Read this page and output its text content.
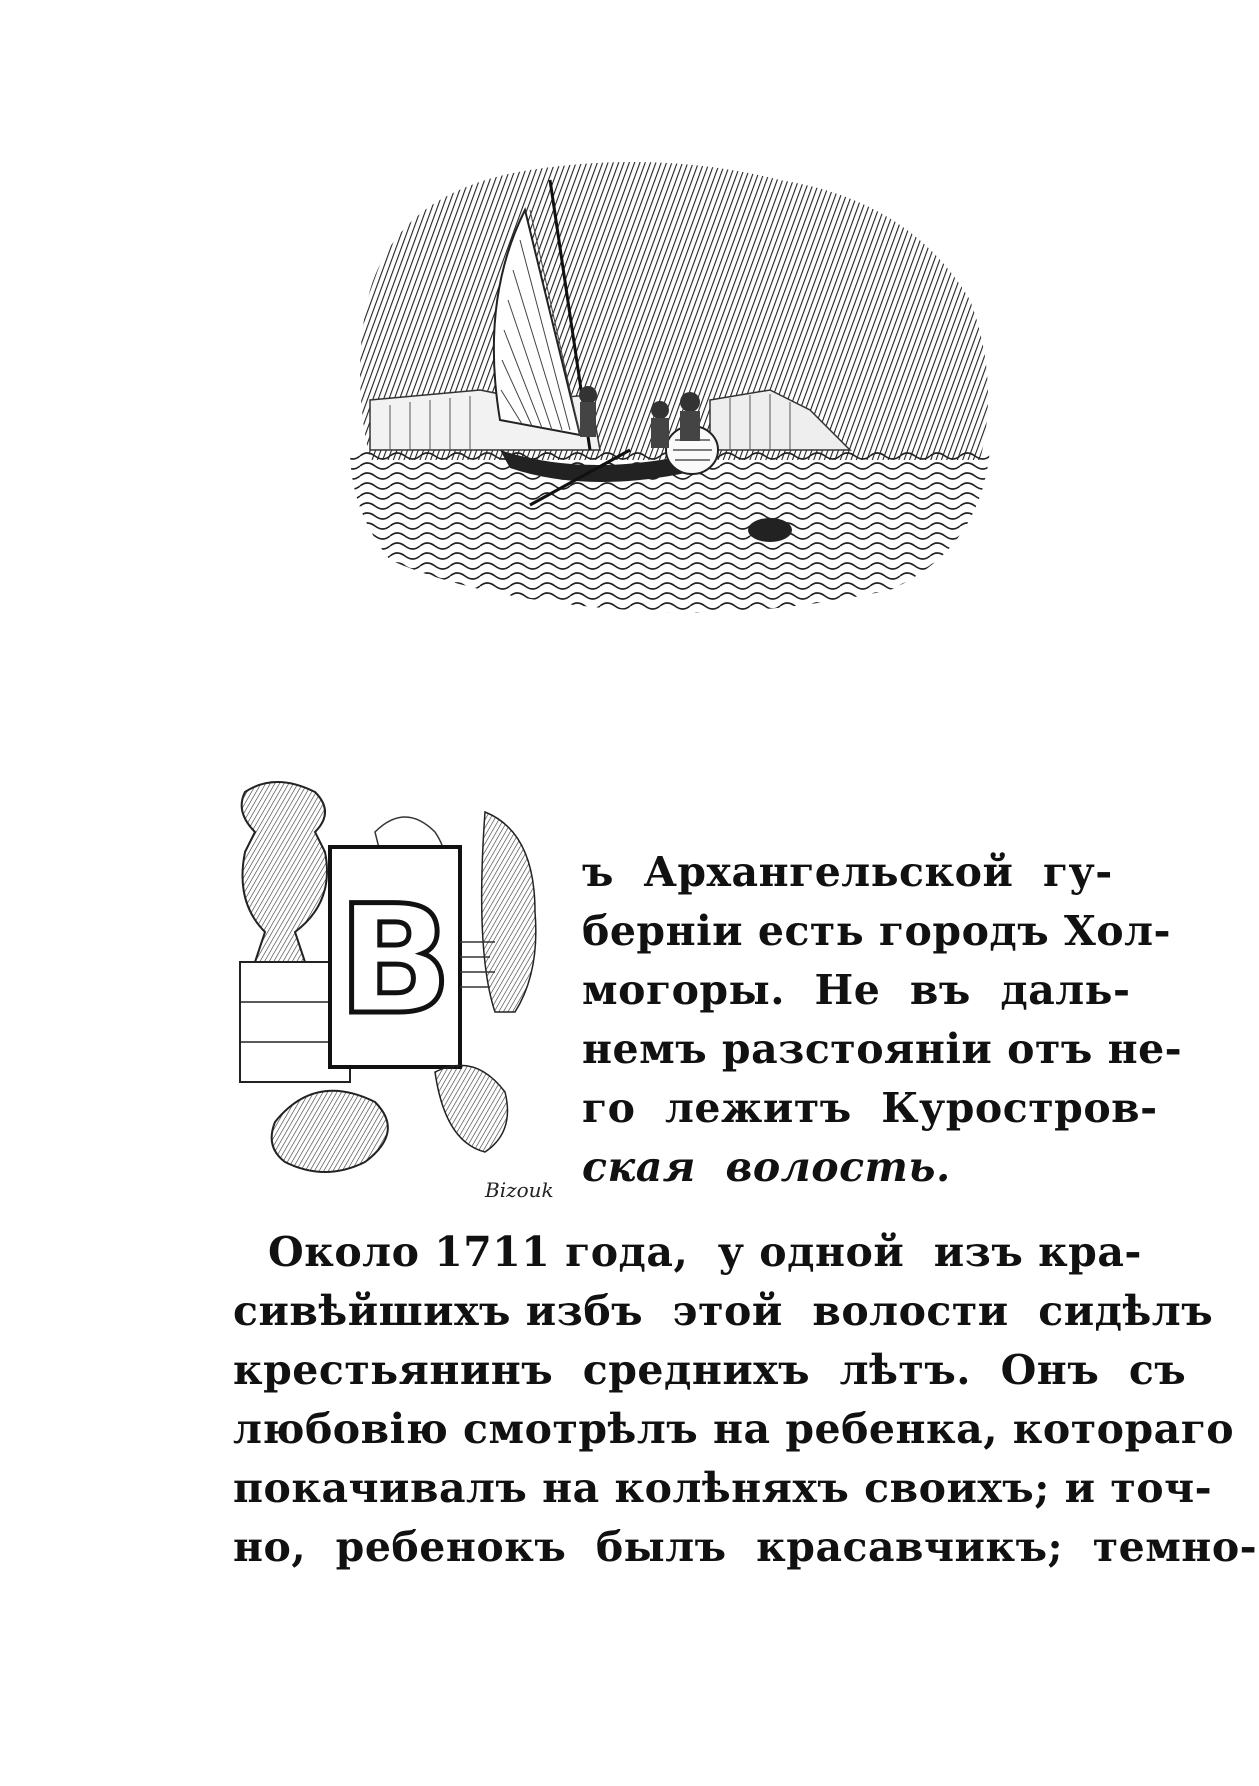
В
Bizouk
ъ  Архангельской  гу-
берніи есть городъ Хол-
могоры.  Не  въ  даль-
немъ разстояніи отъ не-
го  лежитъ  Куростров-
ская  волость.
Около 1711 года,  у одной  изъ кра-
сивѣйшихъ избъ  этой  волости  сидѣлъ
крестьянинъ  среднихъ  лѣтъ.  Онъ  съ
любовію смотрѣлъ на ребенка, котораго
покачивалъ на колѣняхъ своихъ; и точ-
но,  ребенокъ  былъ  красавчикъ;  темно-
